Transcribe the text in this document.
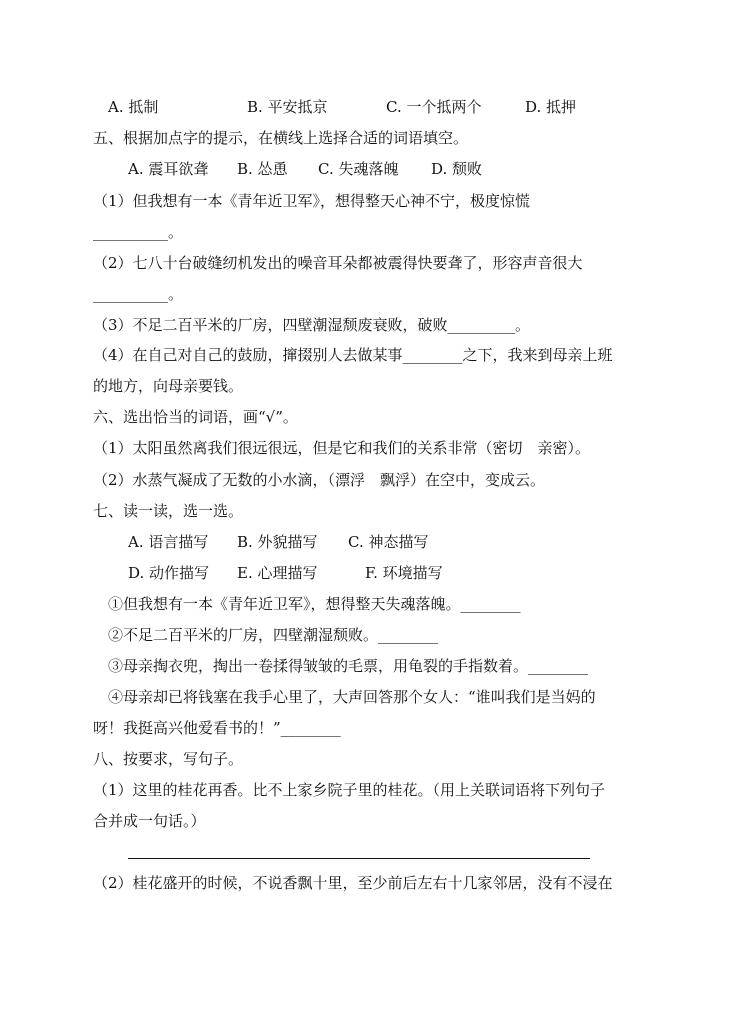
A. 抵制	B. 平安抵京	C. 一个抵两个	D. 抵押
五、根据加点字的提示，在横线上选择合适的词语填空。
A. 震耳欲聋 B. 怂恿 C. 失魂落魄 D. 颓败
（1）但我想有一本《青年近卫军》，想得整天心神不宁，极度惊慌
__________。
（2）七八十台破缝纫机发出的噪音耳朵都被震得快要聋了，形容声音很大
__________。
（3）不足二百平米的厂房，四壁潮湿颓废衰败，破败_________。
（4）在自己对自己的鼓励，撺掇别人去做某事________之下，我来到母亲上班
的地方，向母亲要钱。
六、选出恰当的词语，画“√”。
（1）太阳虽然离我们很远很远，但是它和我们的关系非常（密切　亲密）。
（2）水蒸气凝成了无数的小水滴，（漂浮　飘浮）在空中，变成云。
七、读一读，选一选。
A. 语言描写 B. 外貌描写 C. 神态描写
D. 动作描写 E. 心理描写	F. 环境描写
①但我想有一本《青年近卫军》，想得整天失魂落魄。________
②不足二百平米的厂房，四壁潮湿颓败。________
③母亲掏衣兜，掏出一卷揉得皱皱的毛票，用龟裂的手指数着。________
④母亲却已将钱塞在我手心里了，大声回答那个女人：“谁叫我们是当妈的
呀！我挺高兴他爱看书的！”________
八、按要求，写句子。
（1）这里的桂花再香。比不上家乡院子里的桂花。（用上关联词语将下列句子
合并成一句话。）
（2）桂花盛开的时候，不说香飘十里，至少前后左右十几家邻居，没有不浸在
